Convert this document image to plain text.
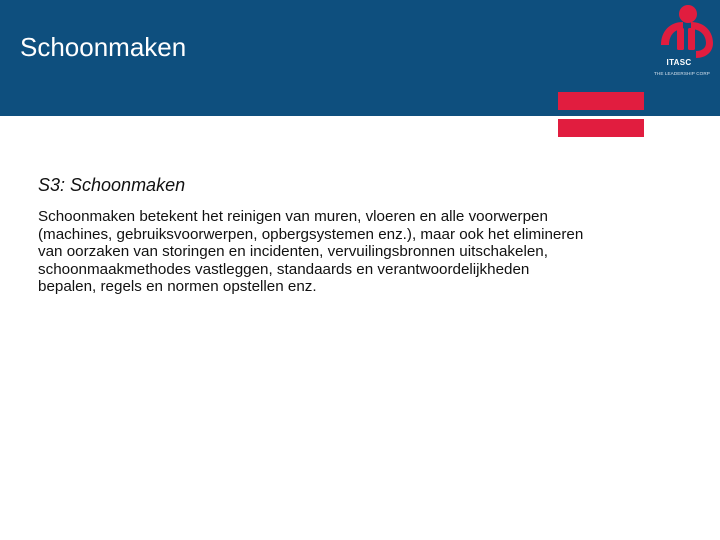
Schoonmaken
ITASC
THE LEADERSHIP CORP
S3: Schoonmaken

Schoonmaken betekent het reinigen van muren, vloeren en alle voorwerpen
(machines, gebruiksvoorwerpen, opbergsystemen enz.), maar ook het elimineren
van oorzaken van storingen en incidenten, vervuilingsbronnen uitschakelen,
schoonmaakmethodes vastleggen, standaards en verantwoordelijkheden
bepalen, regels en normen opstellen enz.
